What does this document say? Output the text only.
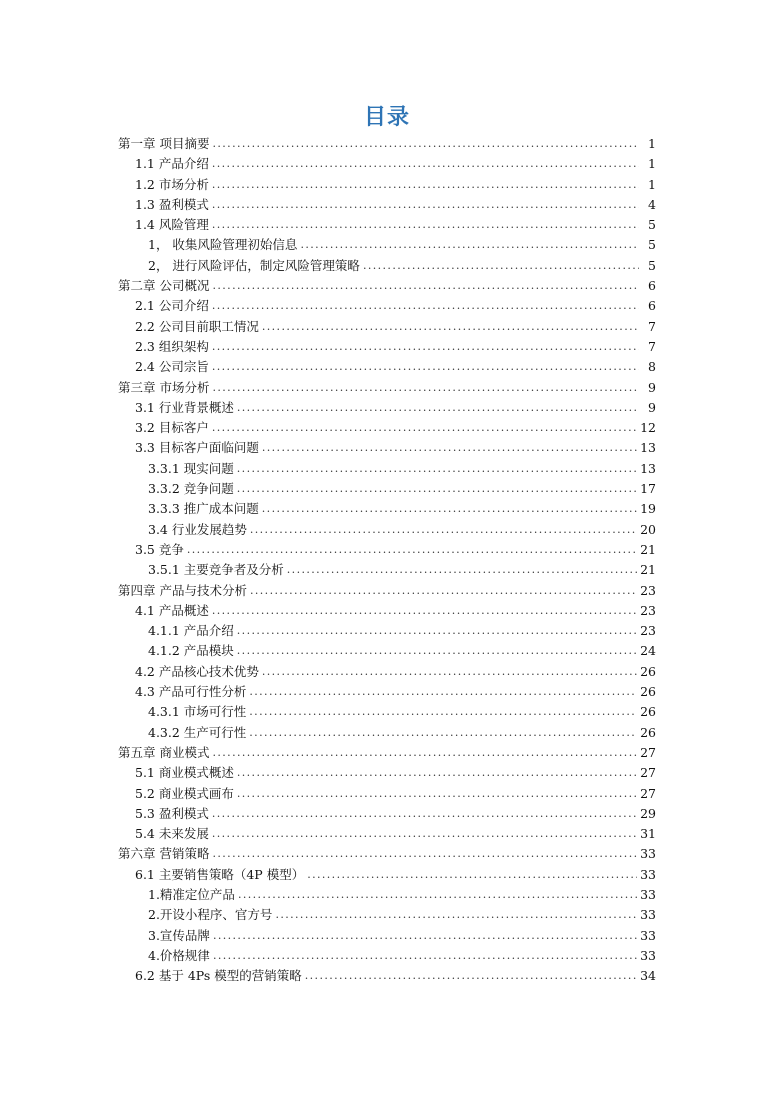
目录
第一章 项目摘要 .....	1
1.1 产品介绍 .....	1
1.2 市场分析 .....	1
1.3 盈利模式 .....	4
1.4 风险管理 .....	5
1， 收集风险管理初始信息 .....	5
2， 进行风险评估，制定风险管理策略 .....	5
第二章 公司概况 .....	6
2.1 公司介绍 .....	6
2.2 公司目前职工情况 .....	7
2.3 组织架构 .....	7
2.4 公司宗旨 .....	8
第三章 市场分析 .....	9
3.1 行业背景概述 .....	9
3.2 目标客户 .....	12
3.3 目标客户面临问题 .....	13
3.3.1 现实问题 .....	13
3.3.2 竞争问题 .....	17
3.3.3 推广成本问题 .....	19
3.4 行业发展趋势 .....	20
3.5 竞争 .....	21
3.5.1 主要竞争者及分析 .....	21
第四章 产品与技术分析 .....	23
4.1 产品概述 .....	23
4.1.1 产品介绍 .....	23
4.1.2 产品模块 .....	24
4.2 产品核心技术优势 .....	26
4.3 产品可行性分析 .....	26
4.3.1 市场可行性 .....	26
4.3.2 生产可行性 .....	26
第五章 商业模式 .....	27
5.1 商业模式概述 .....	27
5.2 商业模式画布 .....	27
5.3 盈利模式 .....	29
5.4 未来发展 .....	31
第六章 营销策略 .....	33
6.1 主要销售策略（4P 模型） .....	33
1.精准定位产品 .....	33
2.开设小程序、官方号 .....	33
3.宣传品牌 .....	33
4.价格规律 .....	33
6.2 基于 4Ps 模型的营销策略 .....	34
